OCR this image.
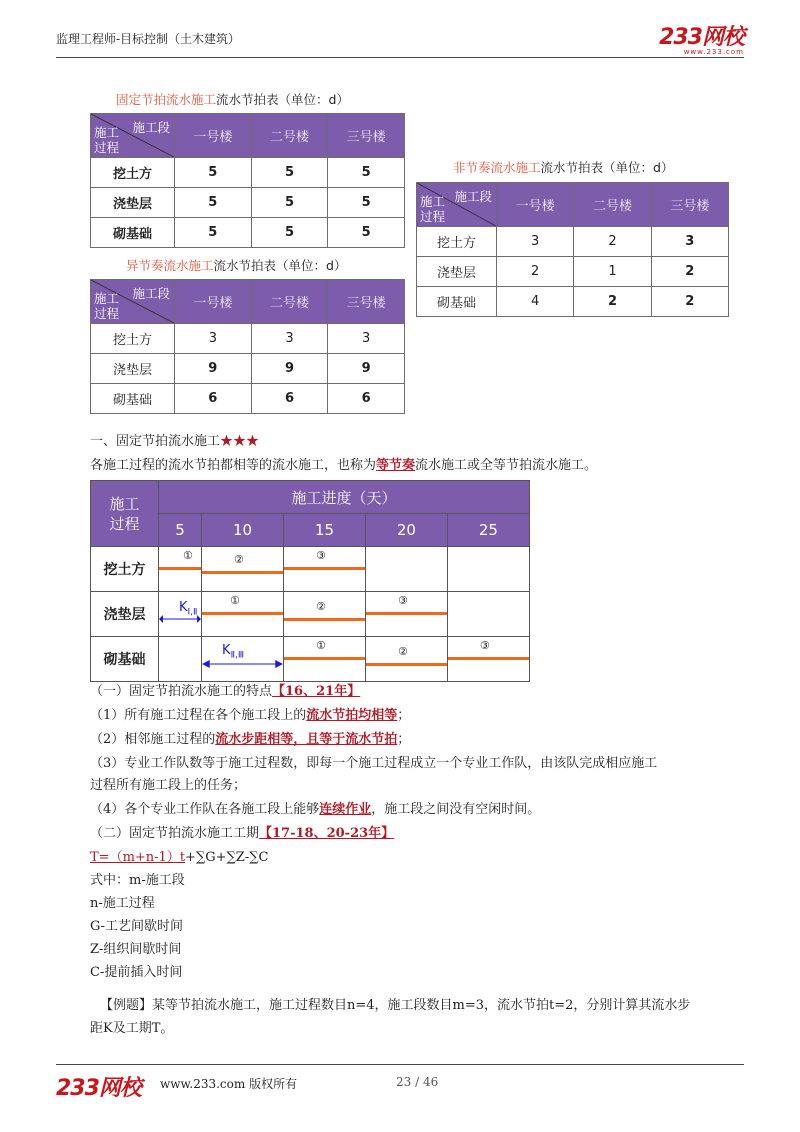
监理工程师-目标控制（土木建筑）	233网校
www.233.com
固定节拍流水施工流水节拍表（单位：d）
施工段
施工
过程	一号楼	二号楼	三号楼
挖土方	5	5	5
浇垫层	5	5	5
砌基础	5	5	5
异节奏流水施工流水节拍表（单位：d）
施工段
施工
过程	一号楼	二号楼	三号楼
挖土方	3	3	3
浇垫层	9	9	9
砌基础	6	6	6
非节奏流水施工流水节拍表（单位：d）
施工段
施工
过程	一号楼	二号楼	三号楼
挖土方	3	2	3
浇垫层	2	1	2
砌基础	4	2	2
一、固定节拍流水施工★★★
各施工过程的流水节拍都相等的流水施工，也称为等节奏流水施工或全等节拍流水施工。
施工
过程	施工进度（天）				
	5	10	15	20	25
挖土方	①	②	③		

浇垫层	$K_{Ⅰ,Ⅱ}$	①	②	③	

砌基础		$K_{Ⅱ,Ⅲ}$	①	②	③
（一）固定节拍流水施工的特点【16、21年】
（1）所有施工过程在各个施工段上的流水节拍均相等；
（2）相邻施工过程的流水步距相等，且等于流水节拍；
（3）专业工作队数等于施工过程数，即每一个施工过程成立一个专业工作队，由该队完成相应施工
过程所有施工段上的任务；
（4）各个专业工作队在各施工段上能够连续作业，施工段之间没有空闲时间。
（二）固定节拍流水施工工期【17-18、20-23年】
T=（m+n-1）t+∑G+∑Z-∑C
式中：m-施工段
n-施工过程
G-工艺间歇时间
Z-组织间歇时间
C-提前插入时间
【例题】某等节拍流水施工，施工过程数目n=4，施工段数目m=3，流水节拍t=2，分别计算其流水步
距K及工期T。
233网校 www.233.com 版权所有	23 / 46
